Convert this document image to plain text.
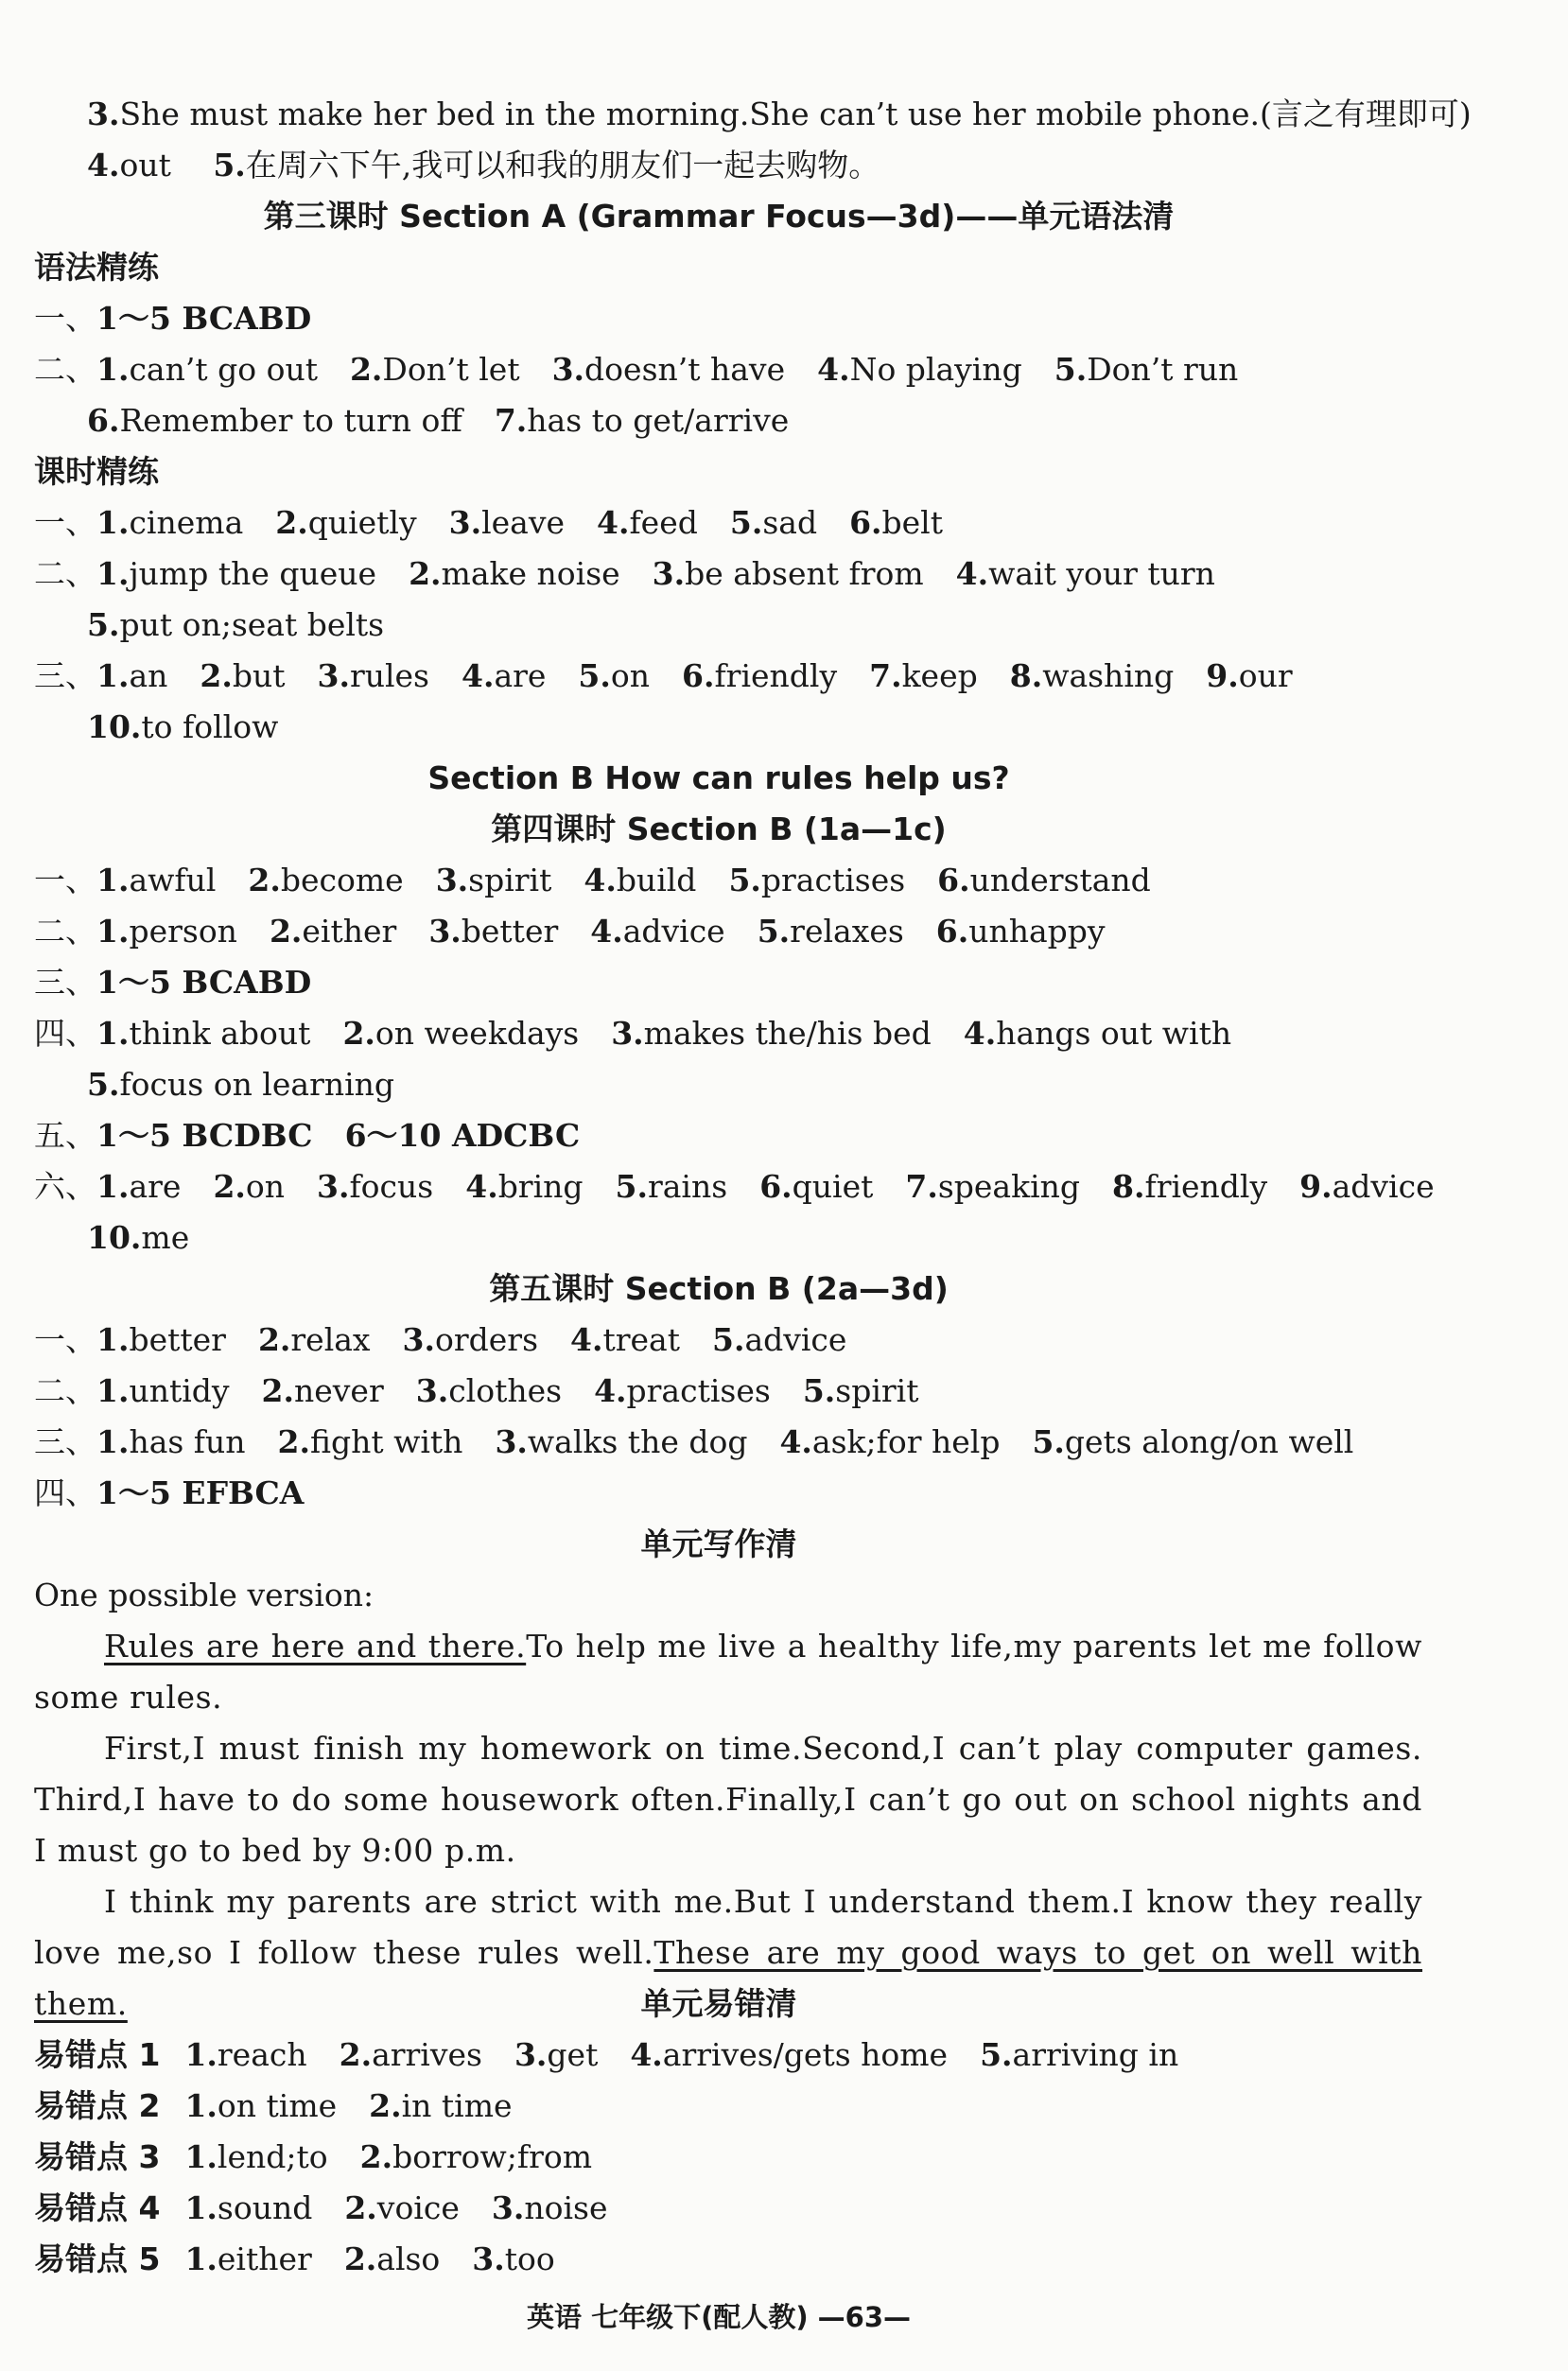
3.She must make her bed in the morning.She can’t use her mobile phone.(言之有理即可)
4.out 5.在周六下午,我可以和我的朋友们一起去购物。
第三课时 Section A (Grammar Focus—3d)——单元语法清
语法精练
一、1～5 BCABD
二、1.can’t go out 2.Don’t let 3.doesn’t have 4.No playing 5.Don’t run
6.Remember to turn off 7.has to get/arrive
课时精练
一、1.cinema 2.quietly 3.leave 4.feed 5.sad 6.belt
二、1.jump the queue 2.make noise 3.be absent from 4.wait your turn
5.put on;seat belts
三、1.an 2.but 3.rules 4.are 5.on 6.friendly 7.keep 8.washing 9.our
10.to follow
Section B How can rules help us?
第四课时 Section B (1a—1c)
一、1.awful 2.become 3.spirit 4.build 5.practises 6.understand
二、1.person 2.either 3.better 4.advice 5.relaxes 6.unhappy
三、1～5 BCABD
四、1.think about 2.on weekdays 3.makes the/his bed 4.hangs out with
5.focus on learning
五、1～5 BCDBC 6～10 ADCBC
六、1.are 2.on 3.focus 4.bring 5.rains 6.quiet 7.speaking 8.friendly 9.advice
10.me
第五课时 Section B (2a—3d)
一、1.better 2.relax 3.orders 4.treat 5.advice
二、1.untidy 2.never 3.clothes 4.practises 5.spirit
三、1.has fun 2.fight with 3.walks the dog 4.ask;for help 5.gets along/on well
四、1～5 EFBCA
单元写作清
One possible version:

Rules are here and there.To help me live a healthy life,my parents let me follow some rules.

First,I must finish my homework on time.Second,I can’t play computer games. Third,I have to do some housework often.Finally,I can’t go out on school nights and I must go to bed by 9:00 p.m.

I think my parents are strict with me.But I understand them.I know they really love me,so I follow these rules well.These are my good ways to get on well with them.	单元易错清
易错点 1 1.reach 2.arrives 3.get 4.arrives/gets home 5.arriving in
易错点 2 1.on time 2.in time
易错点 3 1.lend;to 2.borrow;from
易错点 4 1.sound 2.voice 3.noise
易错点 5 1.either 2.also 3.too
英语 七年级下(配人教) —63—
